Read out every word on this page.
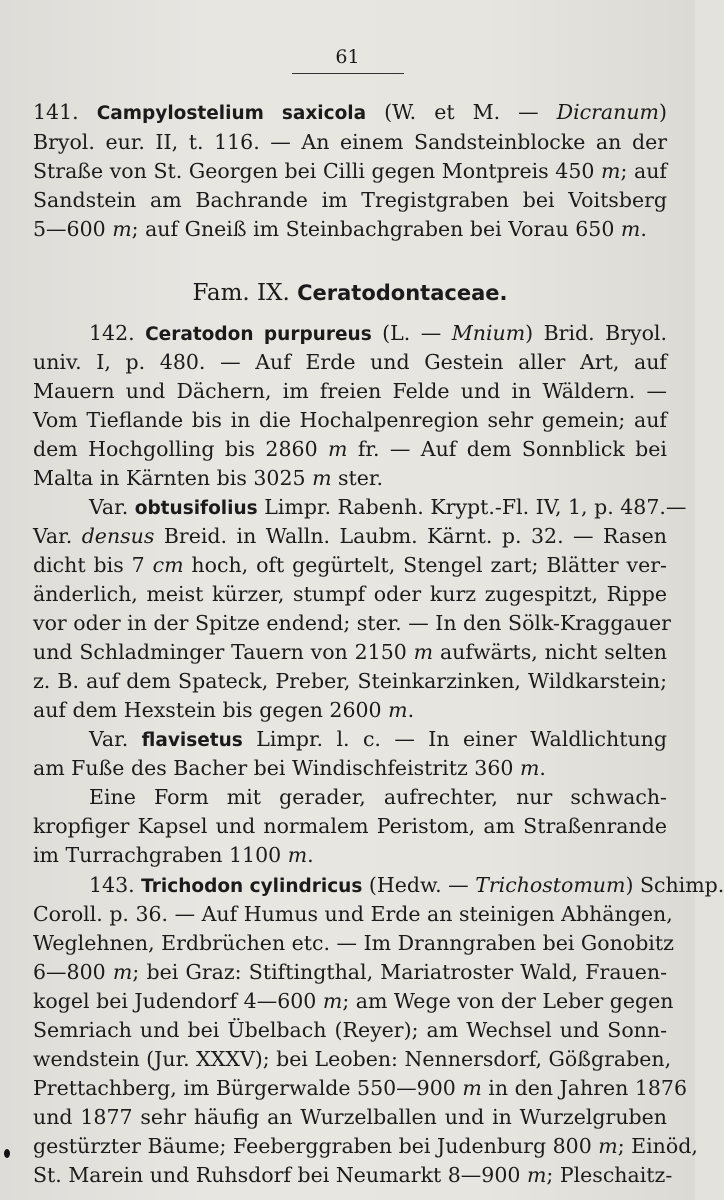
61
141. Campylostelium saxicola (W. et M. — Dicranum)
Bryol. eur. II, t. 116. — An einem Sandsteinblocke an der
Straße von St. Georgen bei Cilli gegen Montpreis 450 m; auf
Sandstein am Bachrande im Tregistgraben bei Voitsberg
5—600 m; auf Gneiß im Steinbachgraben bei Vorau 650 m.
Fam. IX. Ceratodontaceae.
142. Ceratodon purpureus (L. — Mnium) Brid. Bryol.
univ. I, p. 480. — Auf Erde und Gestein aller Art, auf
Mauern und Dächern, im freien Felde und in Wäldern. —
Vom Tieflande bis in die Hochalpenregion sehr gemein; auf
dem Hochgolling bis 2860 m fr. — Auf dem Sonnblick bei
Malta in Kärnten bis 3025 m ster.
Var. obtusifolius Limpr. Rabenh. Krypt.-Fl. IV, 1, p. 487.—
Var. densus Breid. in Walln. Laubm. Kärnt. p. 32. — Rasen
dicht bis 7 cm hoch, oft gegürtelt, Stengel zart; Blätter ver-
änderlich, meist kürzer, stumpf oder kurz zugespitzt, Rippe
vor oder in der Spitze endend; ster. — In den Sölk-Kraggauer
und Schladminger Tauern von 2150 m aufwärts, nicht selten
z. B. auf dem Spateck, Preber, Steinkarzinken, Wildkarstein;
auf dem Hexstein bis gegen 2600 m.
Var. flavisetus Limpr. l. c. — In einer Waldlichtung
am Fuße des Bacher bei Windischfeistritz 360 m.
Eine Form mit gerader, aufrechter, nur schwach-
kropfiger Kapsel und normalem Peristom, am Straßenrande
im Turrachgraben 1100 m.
143. Trichodon cylindricus (Hedw. — Trichostomum) Schimp.
Coroll. p. 36. — Auf Humus und Erde an steinigen Abhängen,
Weglehnen, Erdbrüchen etc. — Im Dranngraben bei Gonobitz
6—800 m; bei Graz: Stiftingthal, Mariatroster Wald, Frauen-
kogel bei Judendorf 4—600 m; am Wege von der Leber gegen
Semriach und bei Übelbach (Reyer); am Wechsel und Sonn-
wendstein (Jur. XXXV); bei Leoben: Nennersdorf, Gößgraben,
Prettachberg, im Bürgerwalde 550—900 m in den Jahren 1876
und 1877 sehr häufig an Wurzelballen und in Wurzelgruben
gestürzter Bäume; Feeberggraben bei Judenburg 800 m; Einöd,
St. Marein und Ruhsdorf bei Neumarkt 8—900 m; Pleschaitz-
